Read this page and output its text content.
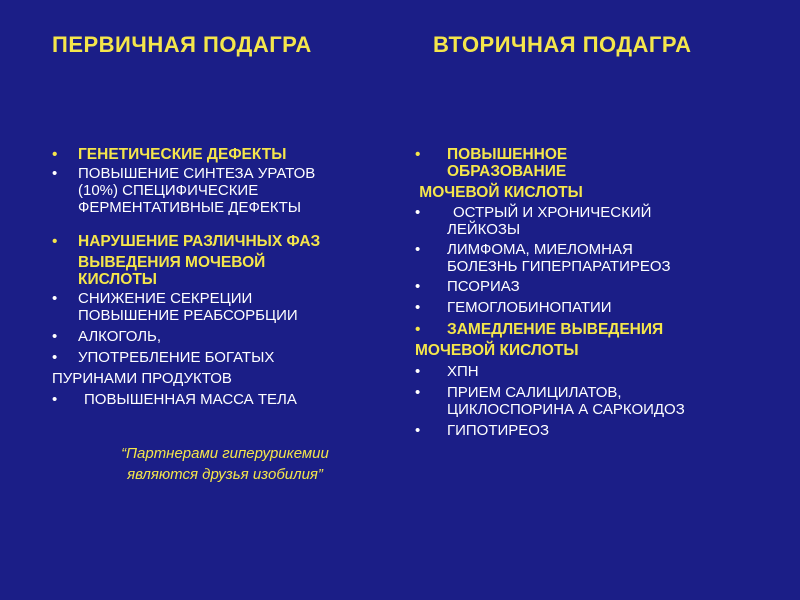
ПЕРВИЧНАЯ ПОДАГРА	ВТОРИЧНАЯ ПОДАГРА
• ГЕНЕТИЧЕСКИЕ ДЕФЕКТЫ
• ПОВЫШЕНИЕ СИНТЕЗА УРАТОВ
(10%) СПЕЦИФИЧЕСКИЕ
ФЕРМЕНТАТИВНЫЕ ДЕФЕКТЫ
• НАРУШЕНИЕ РАЗЛИЧНЫХ ФАЗ
ВЫВЕДЕНИЯ МОЧЕВОЙ
КИСЛОТЫ
• СНИЖЕНИЕ СЕКРЕЦИИ
ПОВЫШЕНИЕ РЕАБСОРБЦИИ
• АЛКОГОЛЬ,
• УПОТРЕБЛЕНИЕ БОГАТЫХ
ПУРИНАМИ ПРОДУКТОВ
• ПОВЫШЕННАЯ МАССА ТЕЛА
• ПОВЫШЕННОЕ
ОБРАЗОВАНИЕ
МОЧЕВОЙ КИСЛОТЫ
• ОСТРЫЙ И ХРОНИЧЕСКИЙ
ЛЕЙКОЗЫ
• ЛИМФОМА, МИЕЛОМНАЯ
БОЛЕЗНЬ ГИПЕРПАРАТИРЕОЗ
• ПСОРИАЗ
• ГЕМОГЛОБИНОПАТИИ
• ЗАМЕДЛЕНИЕ ВЫВЕДЕНИЯ
МОЧЕВОЙ КИСЛОТЫ
• ХПН
• ПРИЕМ САЛИЦИЛАТОВ,
ЦИКЛОСПОРИНА А САРКОИДОЗ
• ГИПОТИРЕОЗ
“Партнерами гиперурикемии
являются друзья изобилия”
